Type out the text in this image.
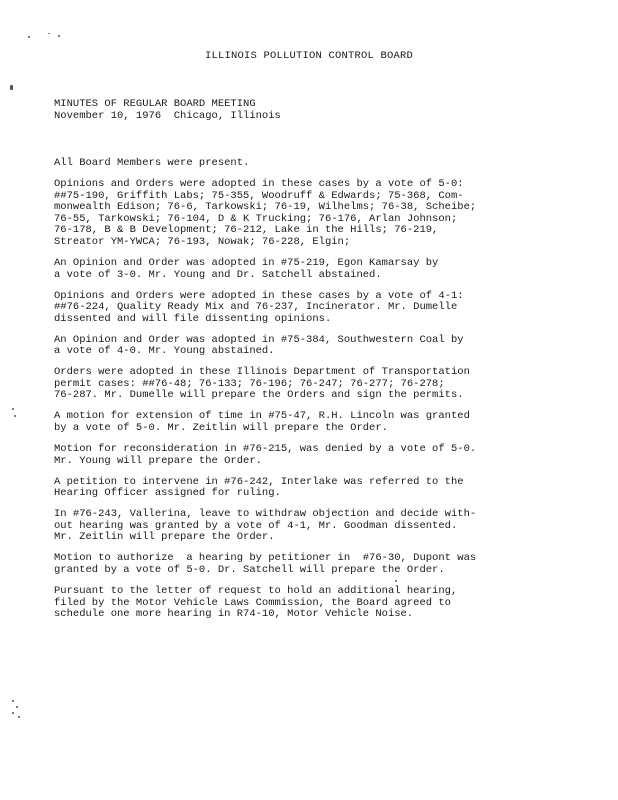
ILLINOIS POLLUTION CONTROL BOARD
MINUTES OF REGULAR BOARD MEETING
November 10, 1976  Chicago, Illinois
All Board Members were present.
Opinions and Orders were adopted in these cases by a vote of 5-0:
##75-190, Griffith Labs; 75-355, Woodruff & Edwards; 75-368, Com-
monwealth Edison; 76-6, Tarkowski; 76-19, Wilhelms; 76-38, Scheibe;
76-55, Tarkowski; 76-104, D & K Trucking; 76-176, Arlan Johnson;
76-178, B & B Development; 76-212, Lake in the Hills; 76-219,
Streator YM-YWCA; 76-193, Nowak; 76-228, Elgin;
An Opinion and Order was adopted in #75-219, Egon Kamarsay by
a vote of 3-0. Mr. Young and Dr. Satchell abstained.
Opinions and Orders were adopted in these cases by a vote of 4-1:
##76-224, Quality Ready Mix and 76-237, Incinerator. Mr. Dumelle
dissented and will file dissenting opinions.
An Opinion and Order was adopted in #75-384, Southwestern Coal by
a vote of 4-0. Mr. Young abstained.
Orders were adopted in these Illinois Department of Transportation
permit cases: ##76-48; 76-133; 76-196; 76-247; 76-277; 76-278;
76-287. Mr. Dumelle will prepare the Orders and sign the permits.
A motion for extension of time in #75-47, R.H. Lincoln was granted
by a vote of 5-0. Mr. Zeitlin will prepare the Order.
Motion for reconsideration in #76-215, was denied by a vote of 5-0.
Mr. Young will prepare the Order.
A petition to intervene in #76-242, Interlake was referred to the
Hearing Officer assigned for ruling.
In #76-243, Vallerina, leave to withdraw objection and decide with-
out hearing was granted by a vote of 4-1, Mr. Goodman dissented.
Mr. Zeitlin will prepare the Order.
Motion to authorize  a hearing by petitioner in  #76-30, Dupont was
granted by a vote of 5-0. Dr. Satchell will prepare the Order.
Pursuant to the letter of request to hold an additional hearing,
filed by the Motor Vehicle Laws Commission, the Board agreed to
schedule one more hearing in R74-10, Motor Vehicle Noise.
